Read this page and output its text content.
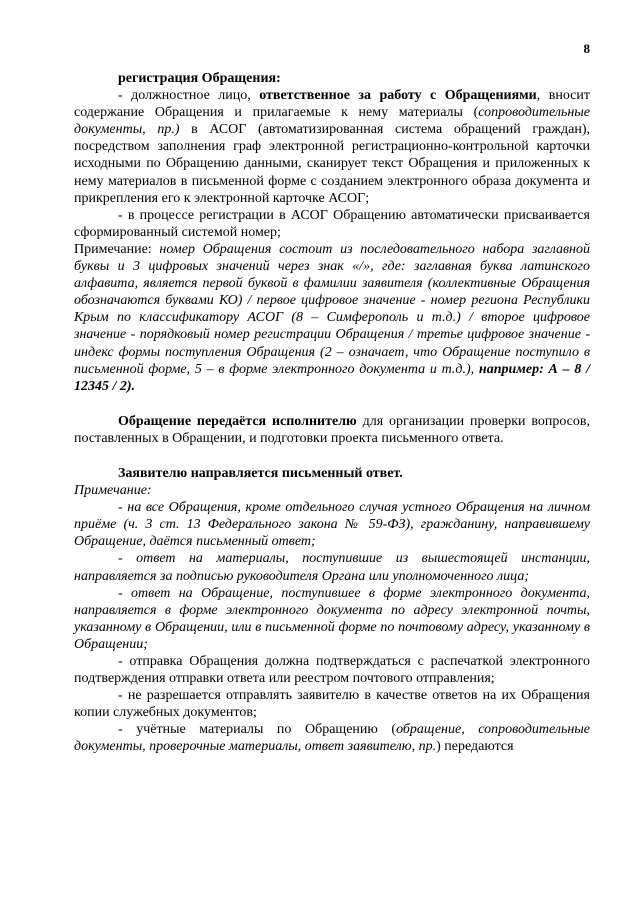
8

регистрация Обращения:

- должностное лицо, ответственное за работу с Обращениями, вносит содержание Обращения и прилагаемые к нему материалы (сопроводительные документы, пр.) в АСОГ (автоматизированная система обращений граждан), посредством заполнения граф электронной регистрационно-контрольной карточки исходными по Обращению данными, сканирует текст Обращения и приложенных к нему материалов в письменной форме с созданием электронного образа документа и прикрепления его к электронной карточке АСОГ;

- в процессе регистрации в АСОГ Обращению автоматически присваивается сформированный системой номер;

Примечание: номер Обращения состоит из последовательного набора заглавной буквы и 3 цифровых значений через знак «/», где: заглавная буква латинского алфавита, является первой буквой в фамилии заявителя (коллективные Обращения обозначаются буквами КО) / первое цифровое значение - номер региона Республики Крым по классификатору АСОГ (8 – Симферополь и т.д.) / второе цифровое значение - порядковый номер регистрации Обращения / третье цифровое значение - индекс формы поступления Обращения (2 – означает, что Обращение поступило в письменной форме, 5 – в форме электронного документа и т.д.), например: А – 8 / 12345 / 2).

Обращение передаётся исполнителю для организации проверки вопросов, поставленных в Обращении, и подготовки проекта письменного ответа.

Заявителю направляется письменный ответ.

Примечание:

- на все Обращения, кроме отдельного случая устного Обращения на личном приёме (ч. 3 ст. 13 Федерального закона № 59-ФЗ), гражданину, направившему Обращение, даётся письменный ответ;

- ответ на материалы, поступившие из вышестоящей инстанции, направляется за подписью руководителя Органа или уполномоченного лица;

- ответ на Обращение, поступившее в форме электронного документа, направляется в форме электронного документа по адресу электронной почты, указанному в Обращении, или в письменной форме по почтовому адресу, указанному в Обращении;

- отправка Обращения должна подтверждаться с распечаткой электронного подтверждения отправки ответа или реестром почтового отправления;

- не разрешается отправлять заявителю в качестве ответов на их Обращения копии служебных документов;

- учётные материалы по Обращению (обращение, сопроводительные документы, проверочные материалы, ответ заявителю, пр.) передаются
